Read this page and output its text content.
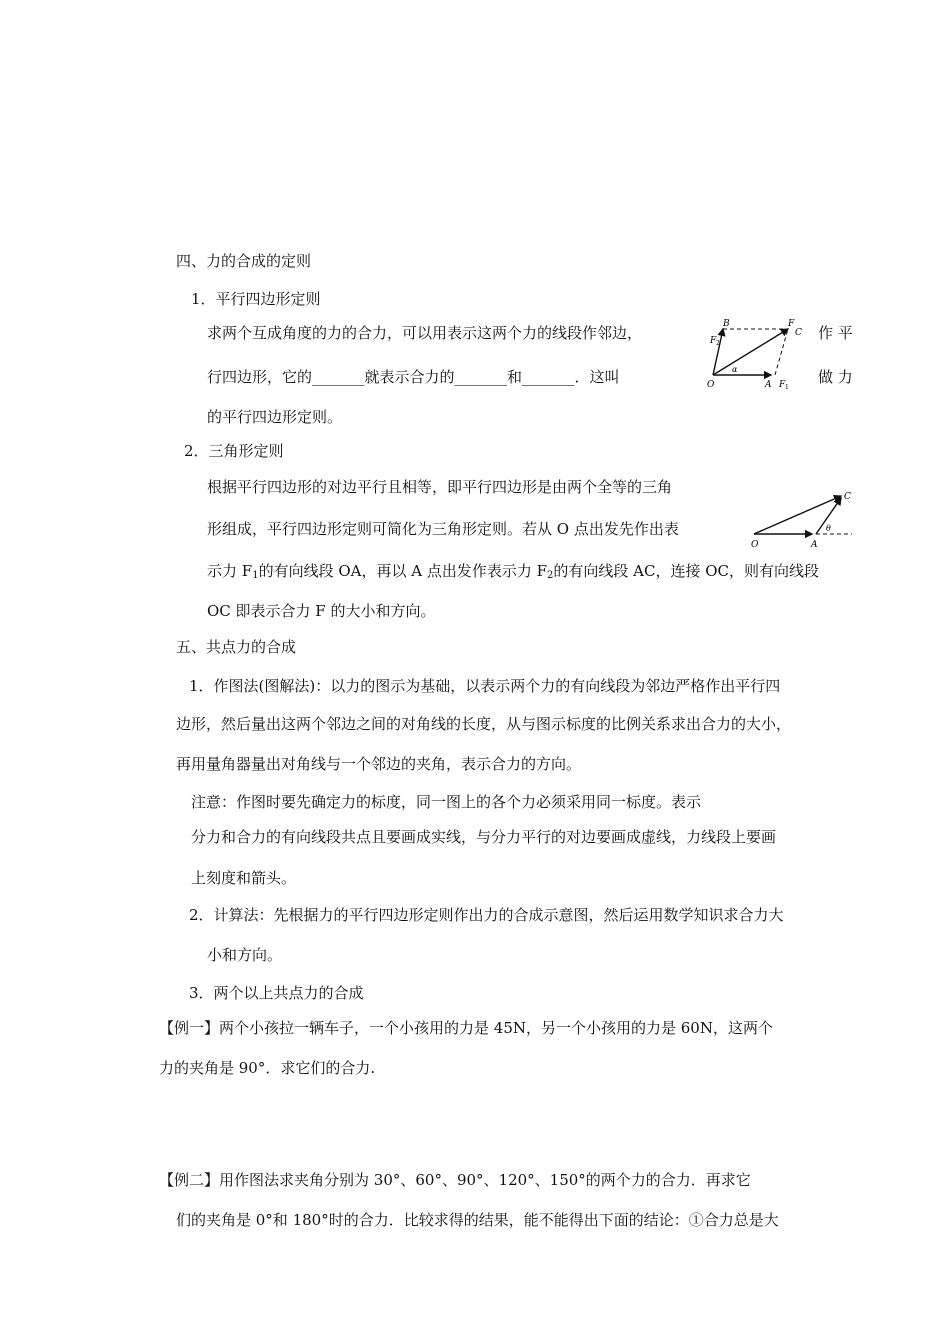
四、力的合成的定则
1．平行四边形定则
求两个互成角度的力的合力，可以用表示这两个力的线段作邻边，	作 平
行四边形，它的_______就表示合力的_______和_______．这叫	做 力
的平行四边形定则。
B
F 2
F
C
O	A F 1
α
2．三角形定则
根据平行四边形的对边平行且相等，即平行四边形是由两个全等的三角
形组成，平行四边形定则可简化为三角形定则。若从 O 点出发先作出表
示力 $F_1$的有向线段 OA，再以 A 点出发作表示力 $F_2$的有向线段 AC，连接 OC，则有向线段
OC 即表示合力 F 的大小和方向。
C
O	A
θ
五、共点力的合成
1．作图法(图解法)：以力的图示为基础，以表示两个力的有向线段为邻边严格作出平行四
边形，然后量出这两个邻边之间的对角线的长度，从与图示标度的比例关系求出合力的大小，
再用量角器量出对角线与一个邻边的夹角，表示合力的方向。
注意：作图时要先确定力的标度，同一图上的各个力必须采用同一标度。表示
分力和合力的有向线段共点且要画成实线，与分力平行的对边要画成虚线，力线段上要画
上刻度和箭头。
2．计算法：先根据力的平行四边形定则作出力的合成示意图，然后运用数学知识求合力大
小和方向。
3．两个以上共点力的合成
【例一】两个小孩拉一辆车子，一个小孩用的力是 45N，另一个小孩用的力是 60N，这两个
力的夹角是 90°．求它们的合力.
【例二】用作图法求夹角分别为 30°、60°、90°、120°、150°的两个力的合力．再求它
们的夹角是 0°和 180°时的合力．比较求得的结果，能不能得出下面的结论：①合力总是大
